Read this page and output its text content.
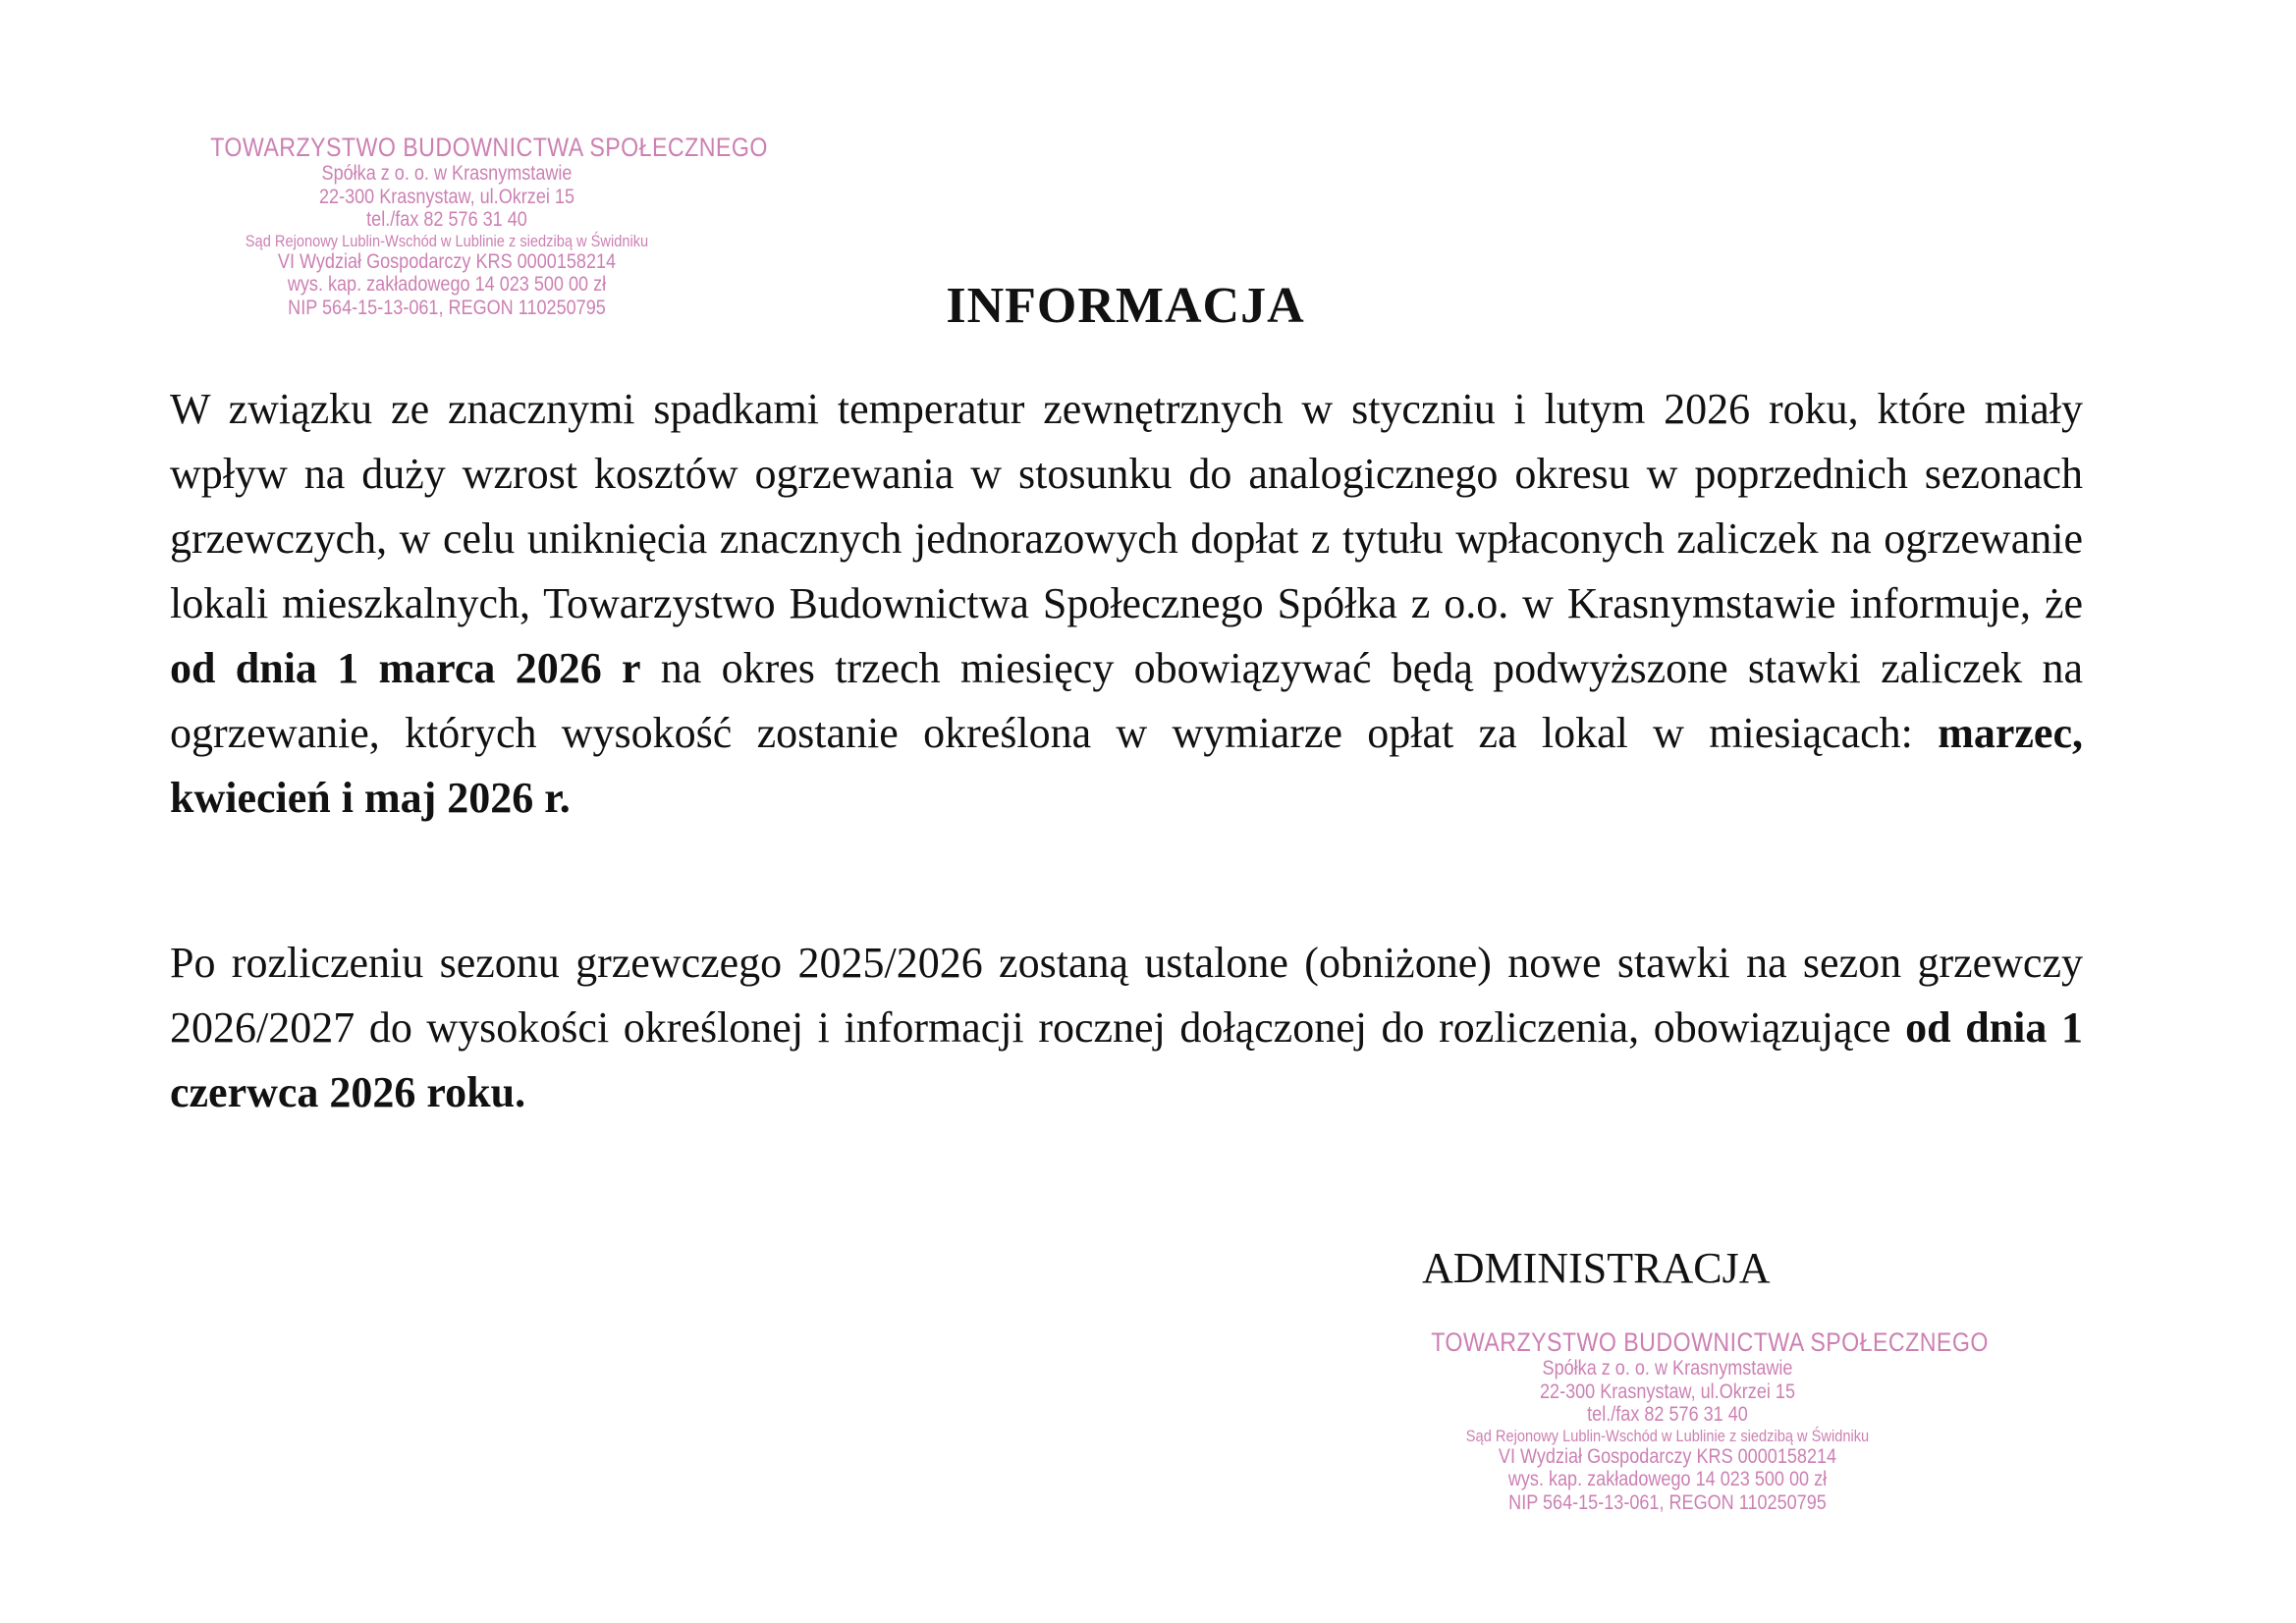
TOWARZYSTWO BUDOWNICTWA SPOŁECZNEGO
Spółka z o. o. w Krasnymstawie
22-300 Krasnystaw, ul.Okrzei 15
tel./fax 82 576 31 40
Sąd Rejonowy Lublin-Wschód w Lublinie z siedzibą w Świdniku
VI Wydział Gospodarczy KRS 0000158214
wys. kap. zakładowego 14 023 500 00 zł
NIP 564-15-13-061, REGON 110250795	INFORMACJA

W związku ze znacznymi spadkami temperatur zewnętrznych w styczniu i lutym 2026 roku, które miały wpływ na duży wzrost kosztów ogrzewania w stosunku do analogicznego okresu w poprzednich sezonach grzewczych, w celu uniknięcia znacznych jednorazowych dopłat z tytułu wpłaconych zaliczek na ogrzewanie lokali mieszkalnych, Towarzystwo Budownictwa Społecznego Spółka z o.o. w Krasnymstawie informuje, że od dnia 1 marca 2026 r na okres trzech miesięcy obowiązywać będą podwyższone stawki zaliczek na ogrzewanie, których wysokość zostanie określona w wymiarze opłat za lokal w miesiącach: marzec, kwiecień i maj 2026 r.

Po rozliczeniu sezonu grzewczego 2025/2026 zostaną ustalone (obniżone) nowe stawki na sezon grzewczy 2026/2027 do wysokości określonej i informacji rocznej dołączonej do rozliczenia, obowiązujące od dnia 1 czerwca 2026 roku.

ADMINISTRACJA

TOWARZYSTWO BUDOWNICTWA SPOŁECZNEGO
Spółka z o. o. w Krasnymstawie
22-300 Krasnystaw, ul.Okrzei 15
tel./fax 82 576 31 40
Sąd Rejonowy Lublin-Wschód w Lublinie z siedzibą w Świdniku
VI Wydział Gospodarczy KRS 0000158214
wys. kap. zakładowego 14 023 500 00 zł
NIP 564-15-13-061, REGON 110250795
